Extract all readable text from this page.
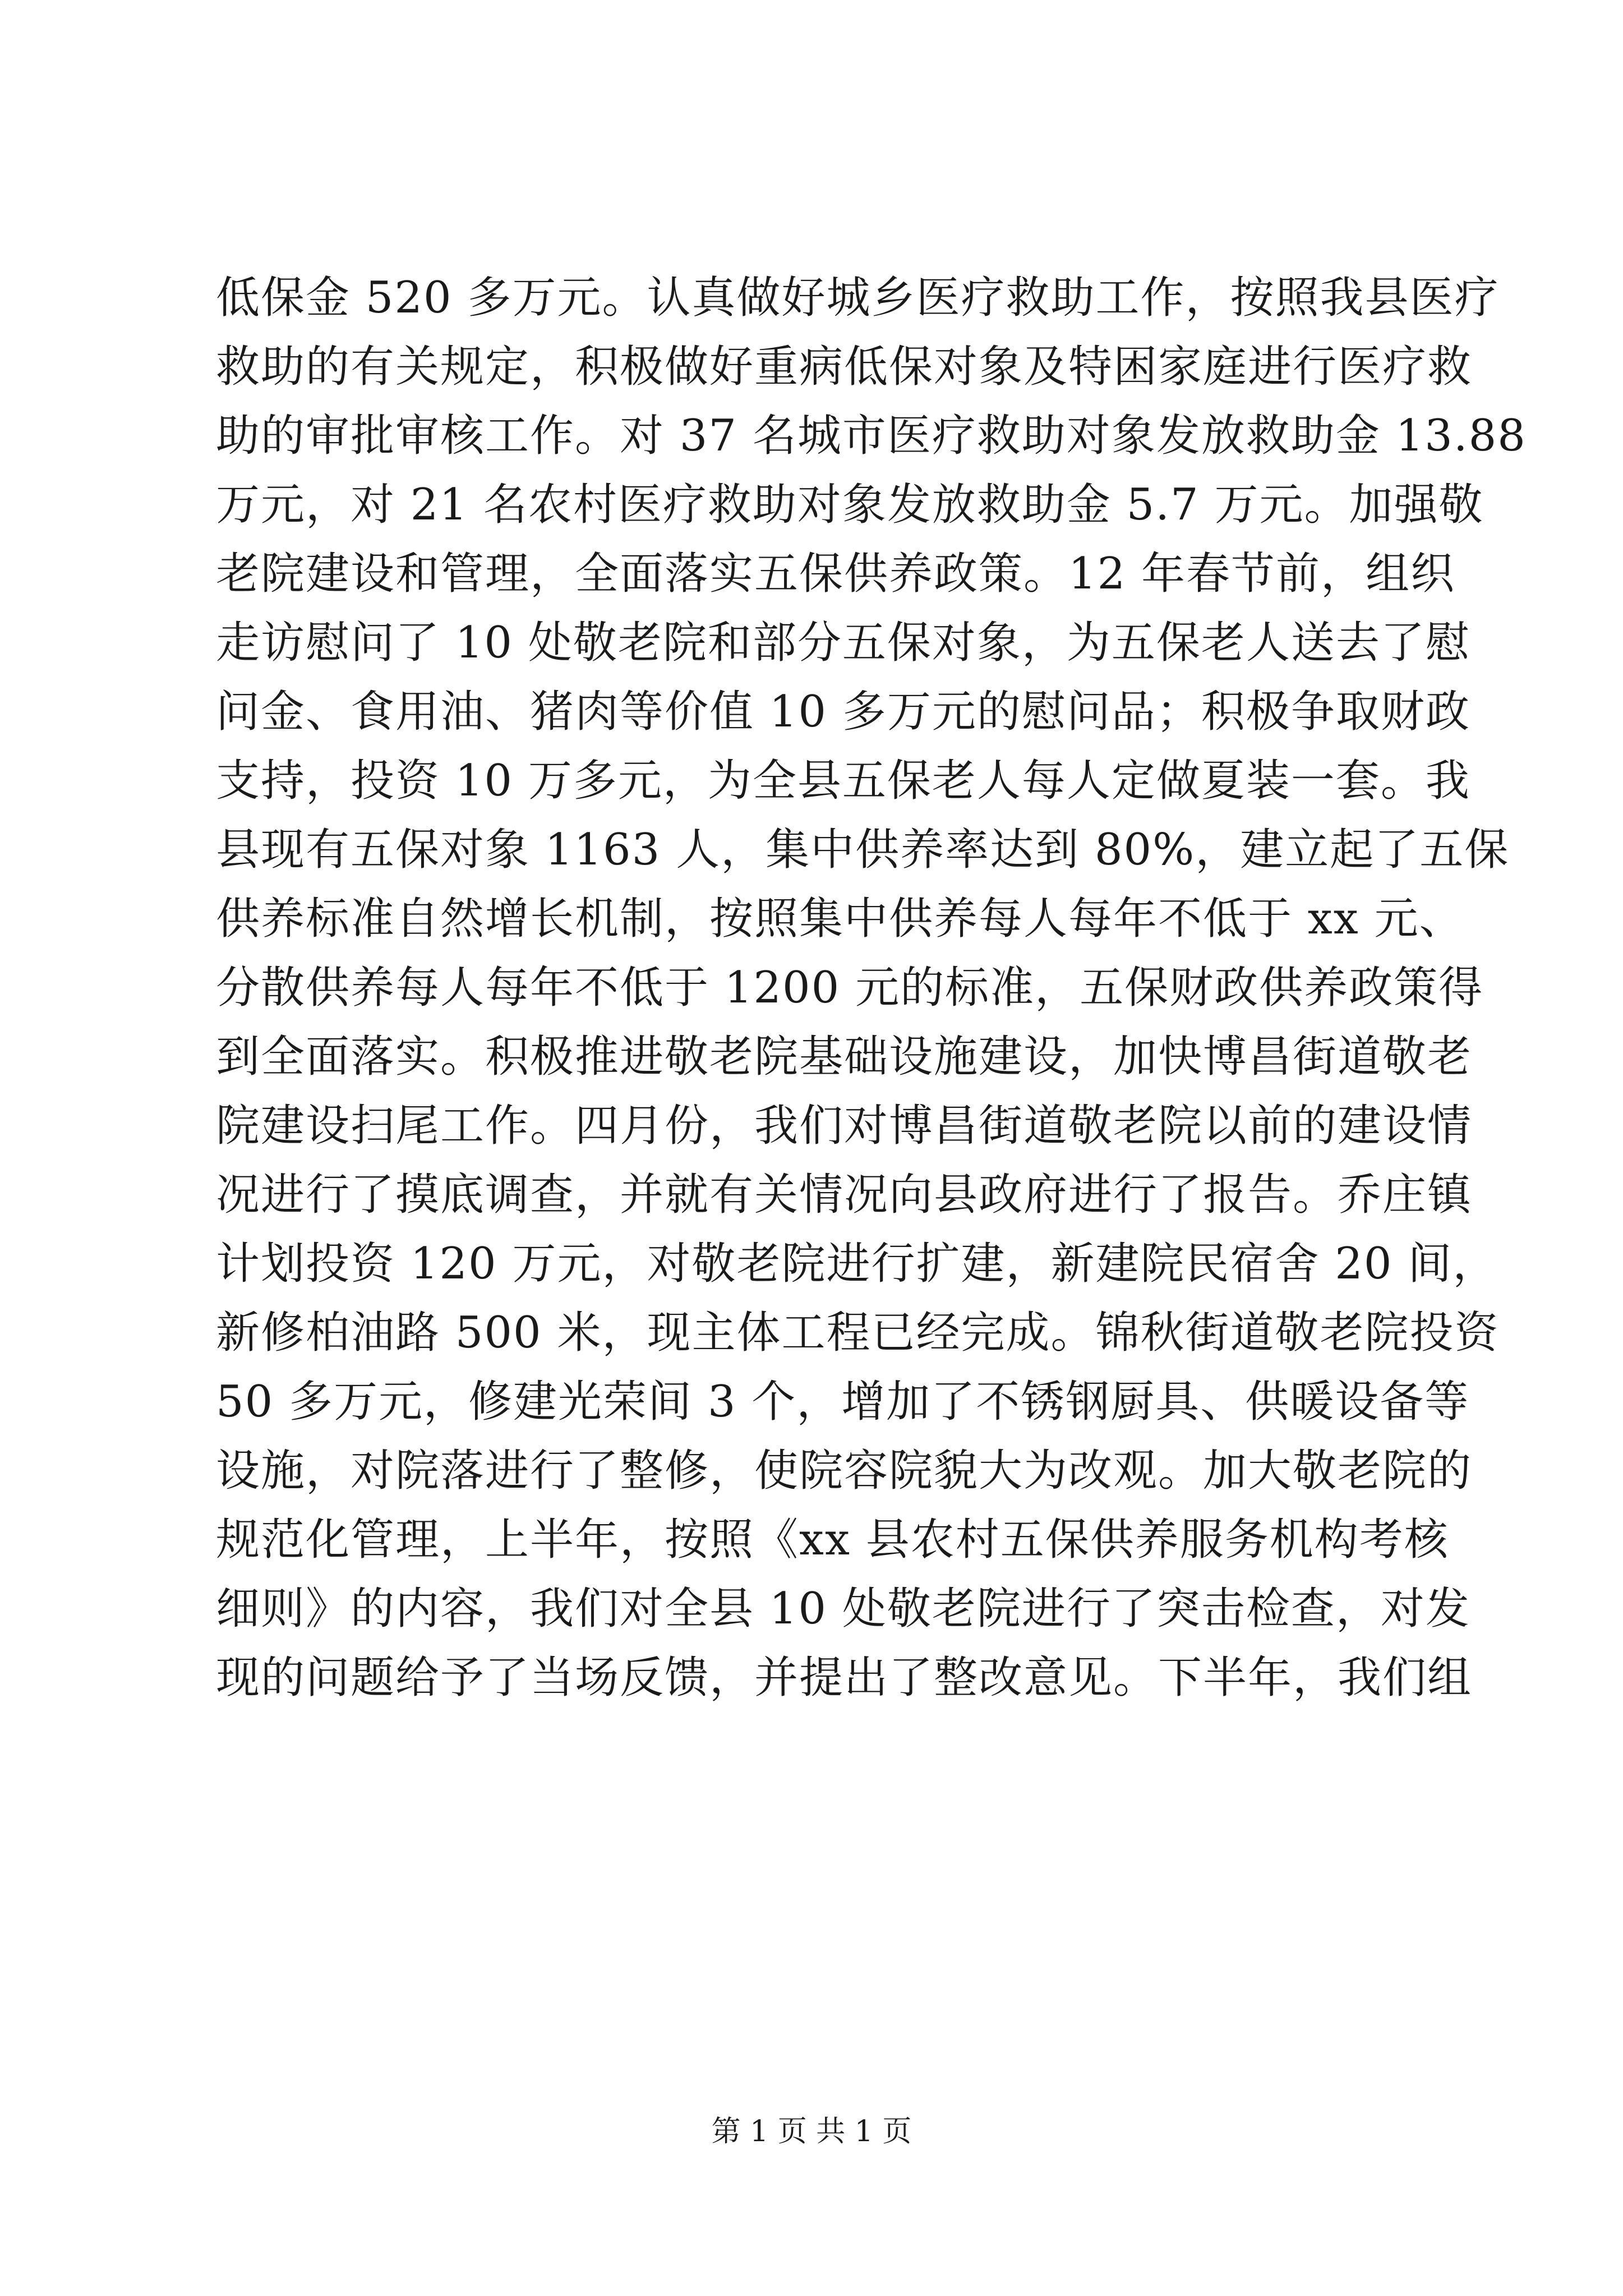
低保金 520 多万元。认真做好城乡医疗救助工作，按照我县医疗
救助的有关规定，积极做好重病低保对象及特困家庭进行医疗救
助的审批审核工作。对 37 名城市医疗救助对象发放救助金 13.88
万元，对 21 名农村医疗救助对象发放救助金 5.7 万元。加强敬
老院建设和管理，全面落实五保供养政策。12 年春节前，组织
走访慰问了 10 处敬老院和部分五保对象，为五保老人送去了慰
问金、食用油、猪肉等价值 10 多万元的慰问品；积极争取财政
支持，投资 10 万多元，为全县五保老人每人定做夏装一套。我
县现有五保对象 1163 人，集中供养率达到 80%，建立起了五保
供养标准自然增长机制，按照集中供养每人每年不低于 xx 元、
分散供养每人每年不低于 1200 元的标准，五保财政供养政策得
到全面落实。积极推进敬老院基础设施建设，加快博昌街道敬老
院建设扫尾工作。四月份，我们对博昌街道敬老院以前的建设情
况进行了摸底调查，并就有关情况向县政府进行了报告。乔庄镇
计划投资 120 万元，对敬老院进行扩建，新建院民宿舍 20 间，
新修柏油路 500 米，现主体工程已经完成。锦秋街道敬老院投资
50 多万元，修建光荣间 3 个，增加了不锈钢厨具、供暖设备等
设施，对院落进行了整修，使院容院貌大为改观。加大敬老院的
规范化管理，上半年，按照《xx 县农村五保供养服务机构考核
细则》的内容，我们对全县 10 处敬老院进行了突击检查，对发
现的问题给予了当场反馈，并提出了整改意见。下半年，我们组
第 1 页 共 1 页
